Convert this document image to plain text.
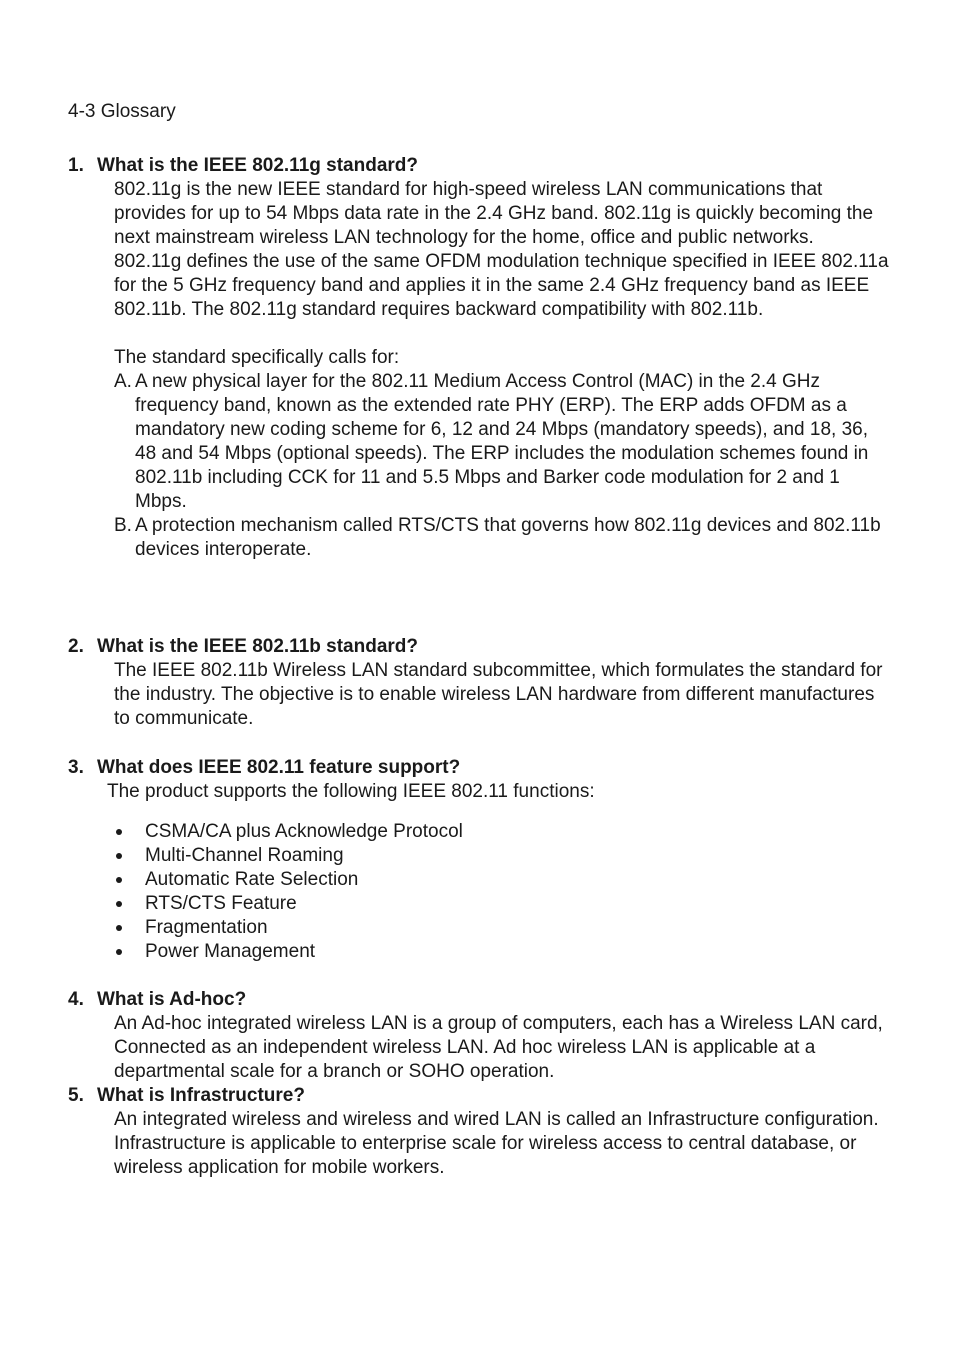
4-3 Glossary

1. What is the IEEE 802.11g standard?

802.11g is the new IEEE standard for high-speed wireless LAN communications that provides for up to 54 Mbps data rate in the 2.4 GHz band. 802.11g is quickly becoming the next mainstream wireless LAN technology for the home, office and public networks.

802.11g defines the use of the same OFDM modulation technique specified in IEEE 802.11a for the 5 GHz frequency band and applies it in the same 2.4 GHz frequency band as IEEE 802.11b. The 802.11g standard requires backward compatibility with 802.11b.

The standard specifically calls for:

A. A new physical layer for the 802.11 Medium Access Control (MAC) in the 2.4 GHz frequency band, known as the extended rate PHY (ERP). The ERP adds OFDM as a mandatory new coding scheme for 6, 12 and 24 Mbps (mandatory speeds), and 18, 36, 48 and 54 Mbps (optional speeds). The ERP includes the modulation schemes found in 802.11b including CCK for 11 and 5.5 Mbps and Barker code modulation for 2 and 1 Mbps.
B. A protection mechanism called RTS/CTS that governs how 802.11g devices and 802.11b devices interoperate.
2. What is the IEEE 802.11b standard?

The IEEE 802.11b Wireless LAN standard subcommittee, which formulates the standard for the industry. The objective is to enable wireless LAN hardware from different manufactures to communicate.

3. What does IEEE 802.11 feature support?

The product supports the following IEEE 802.11 functions:

CSMA/CA plus Acknowledge Protocol
Multi-Channel Roaming
Automatic Rate Selection
RTS/CTS Feature
Fragmentation
Power Management
4. What is Ad-hoc?

An Ad-hoc integrated wireless LAN is a group of computers, each has a Wireless LAN card, Connected as an independent wireless LAN. Ad hoc wireless LAN is applicable at a departmental scale for a branch or SOHO operation.

5. What is Infrastructure?

An integrated wireless and wireless and wired LAN is called an Infrastructure configuration. Infrastructure is applicable to enterprise scale for wireless access to central database, or wireless application for mobile workers.
